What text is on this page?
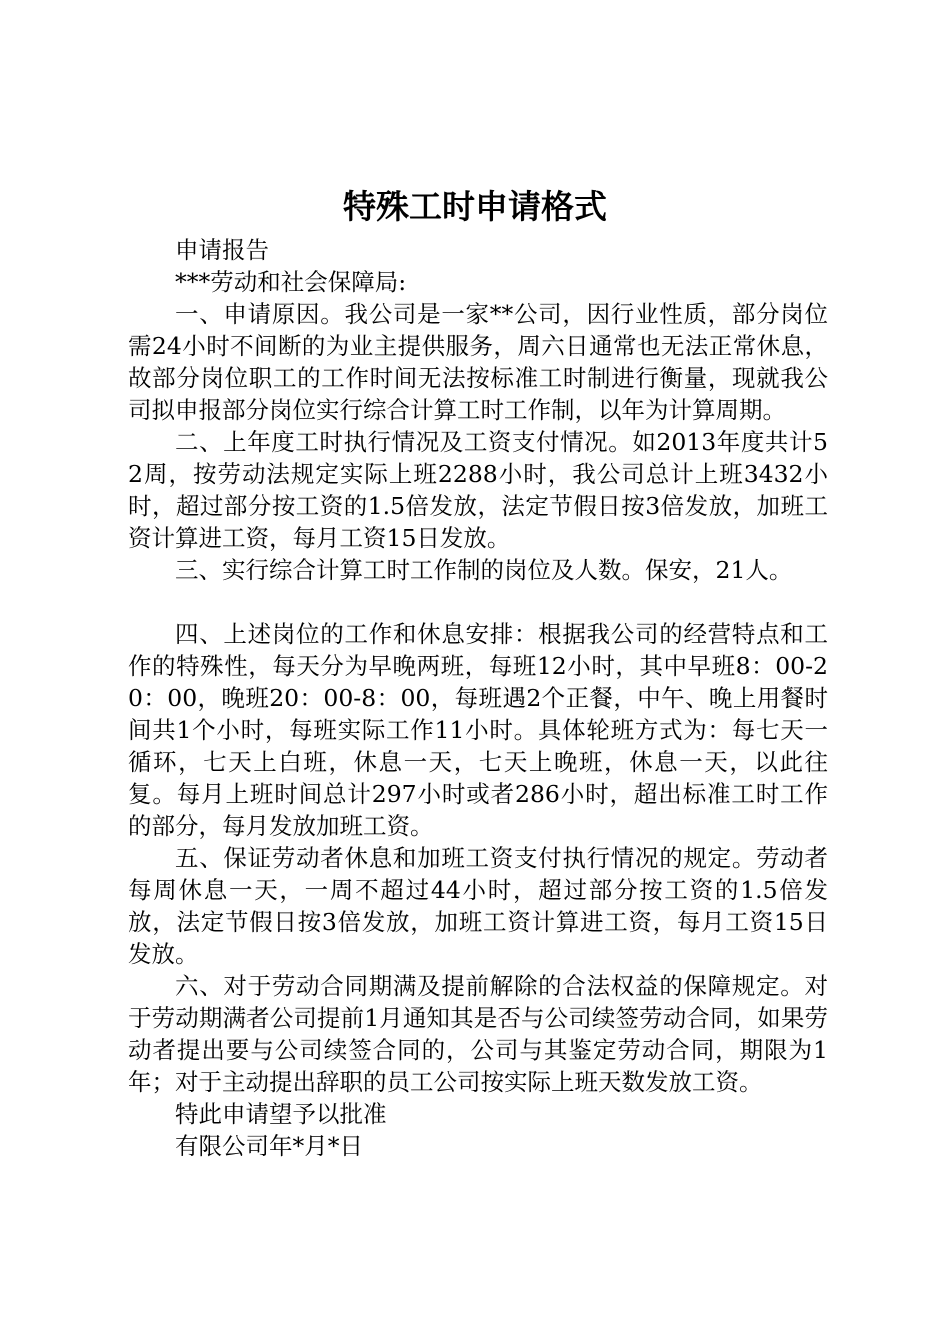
特殊工时申请格式

申请报告

***劳动和社会保障局:

一、申请原因。我公司是一家**公司，因行业性质，部分岗位需24小时不间断的为业主提供服务，周六日通常也无法正常休息，故部分岗位职工的工作时间无法按标准工时制进行衡量，现就我公司拟申报部分岗位实行综合计算工时工作制，以年为计算周期。

二、上年度工时执行情况及工资支付情况。如2013年度共计52周，按劳动法规定实际上班2288小时，我公司总计上班3432小时，超过部分按工资的1.5倍发放，法定节假日按3倍发放，加班工资计算进工资，每月工资15日发放。

三、实行综合计算工时工作制的岗位及人数。保安，21人。

四、上述岗位的工作和休息安排：根据我公司的经营特点和工作的特殊性，每天分为早晚两班，每班12小时，其中早班8：00-20：00，晚班20：00-8：00，每班遇2个正餐，中午、晚上用餐时间共1个小时，每班实际工作11小时。具体轮班方式为：每七天一循环，七天上白班，休息一天，七天上晚班，休息一天，以此往复。每月上班时间总计297小时或者286小时，超出标准工时工作的部分，每月发放加班工资。

五、保证劳动者休息和加班工资支付执行情况的规定。劳动者每周休息一天，一周不超过44小时，超过部分按工资的1.5倍发放，法定节假日按3倍发放，加班工资计算进工资，每月工资15日发放。

六、对于劳动合同期满及提前解除的合法权益的保障规定。对于劳动期满者公司提前1月通知其是否与公司续签劳动合同，如果劳动者提出要与公司续签合同的，公司与其鉴定劳动合同，期限为1年；对于主动提出辞职的员工公司按实际上班天数发放工资。

特此申请望予以批准

有限公司年*月*日
